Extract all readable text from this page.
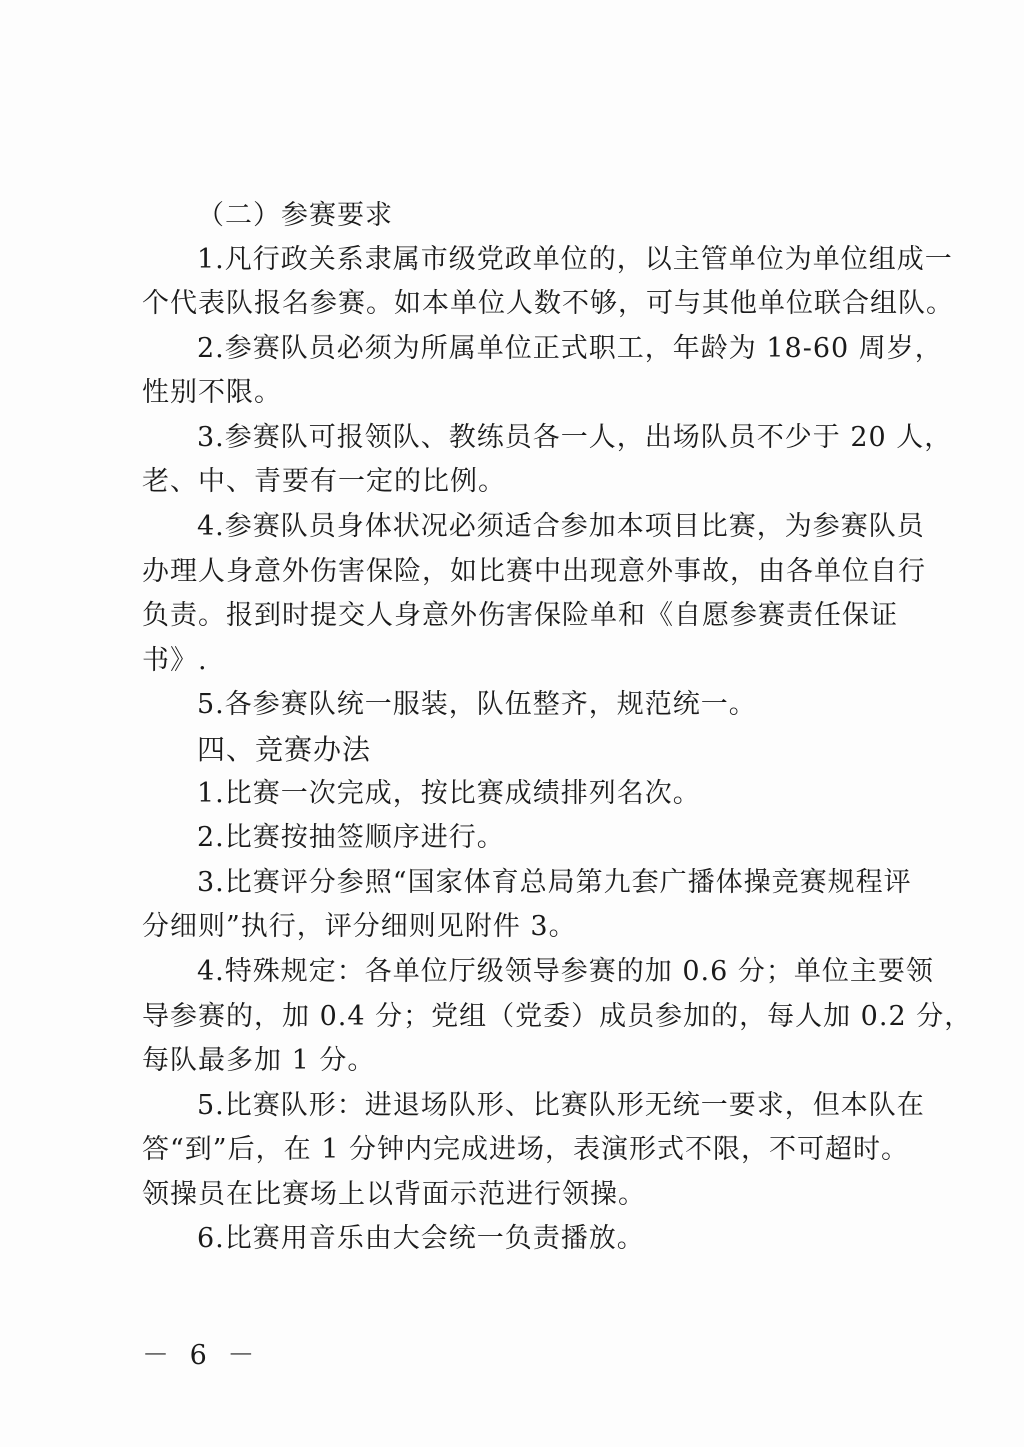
（二）参赛要求
1.凡行政关系隶属市级党政单位的，以主管单位为单位组成一
个代表队报名参赛。如本单位人数不够，可与其他单位联合组队。
2.参赛队员必须为所属单位正式职工，年龄为 18-60 周岁，
性别不限。
3.参赛队可报领队、教练员各一人，出场队员不少于 20 人，
老、中、青要有一定的比例。
4.参赛队员身体状况必须适合参加本项目比赛，为参赛队员
办理人身意外伤害保险，如比赛中出现意外事故，由各单位自行
负责。报到时提交人身意外伤害保险单和《自愿参赛责任保证
书》.
5.各参赛队统一服装，队伍整齐，规范统一。
四、竞赛办法
1.比赛一次完成，按比赛成绩排列名次。
2.比赛按抽签顺序进行。
3.比赛评分参照“国家体育总局第九套广播体操竞赛规程评
分细则”执行，评分细则见附件 3。
4.特殊规定：各单位厅级领导参赛的加 0.6 分；单位主要领
导参赛的，加 0.4 分；党组（党委）成员参加的，每人加 0.2 分，
每队最多加 1 分。
5.比赛队形：进退场队形、比赛队形无统一要求，但本队在
答“到”后，在 1 分钟内完成进场，表演形式不限，不可超时。
领操员在比赛场上以背面示范进行领操。
6.比赛用音乐由大会统一负责播放。
－ 6 －
